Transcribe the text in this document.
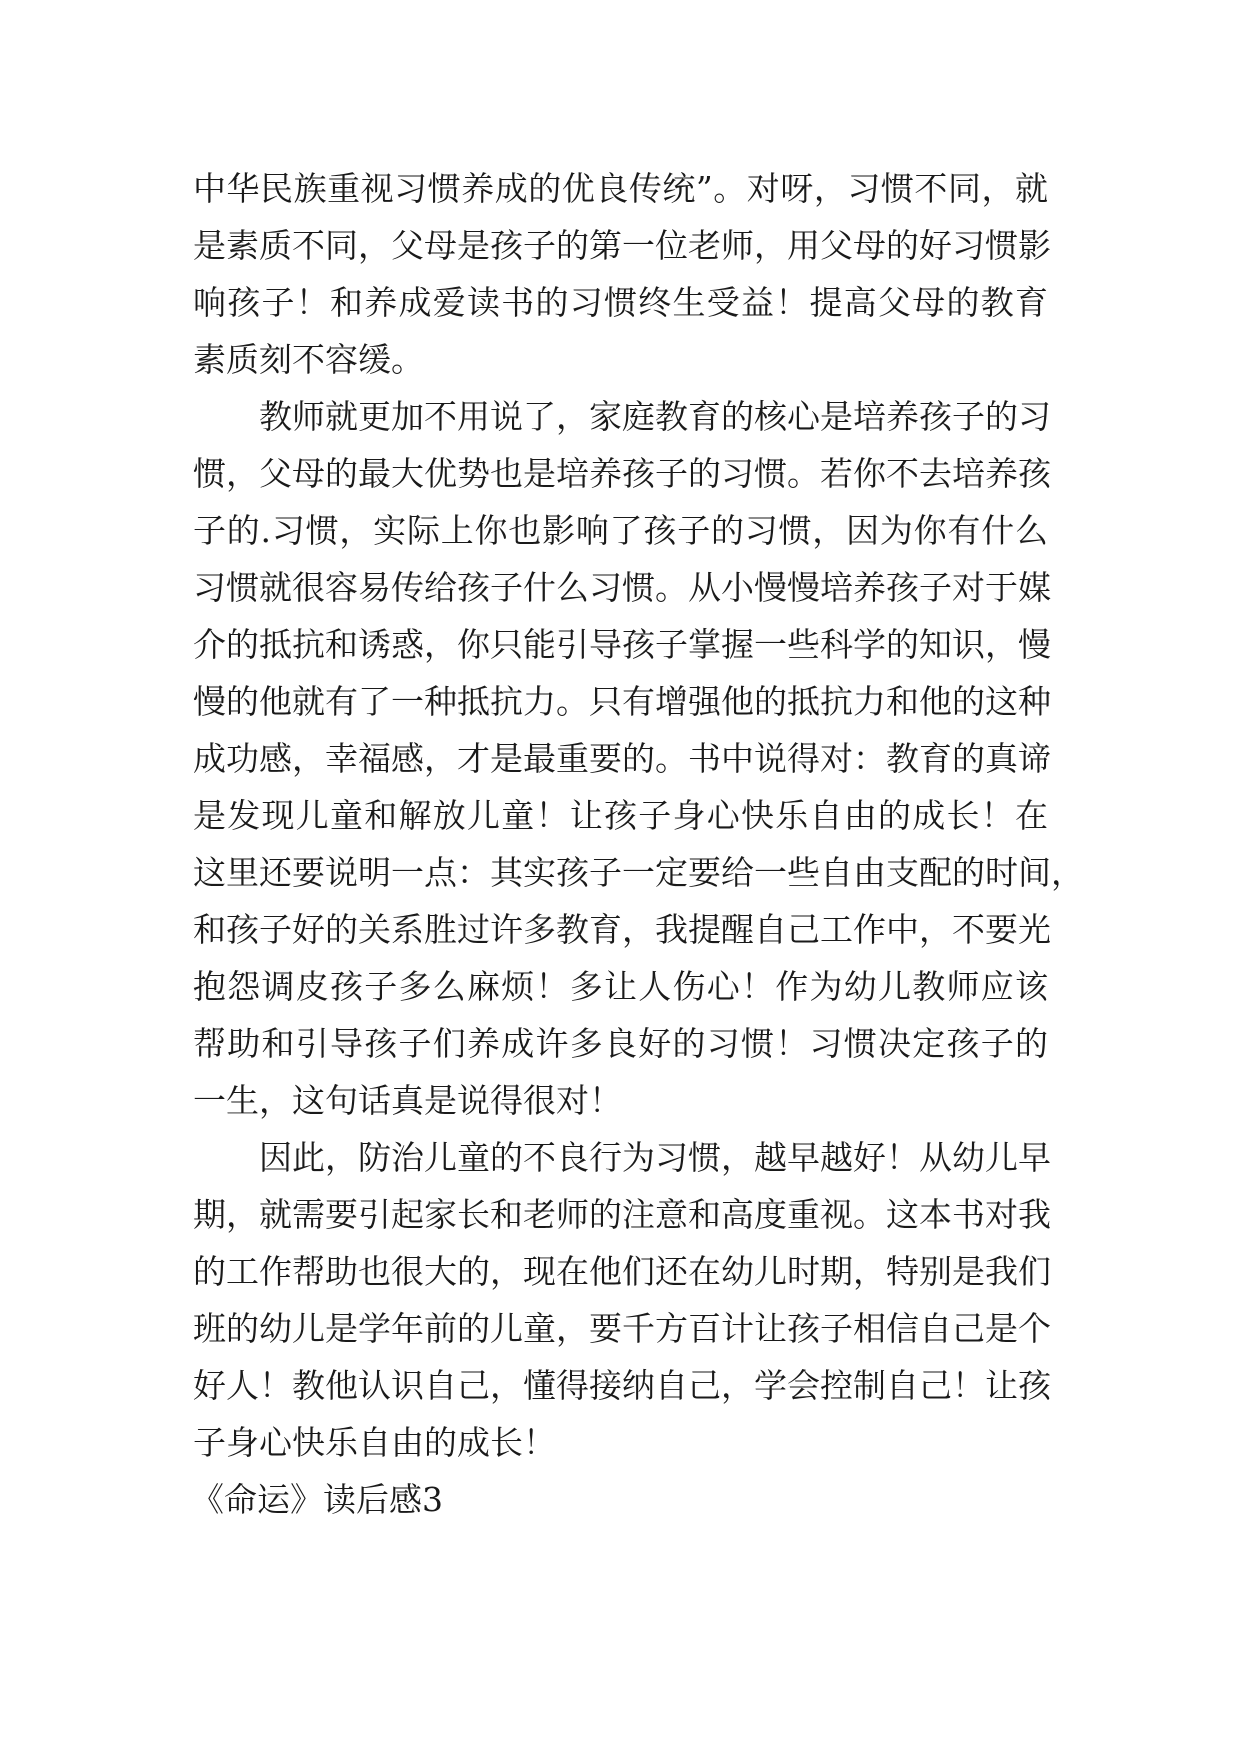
中华民族重视习惯养成的优良传统”。对呀，习惯不同，就
是素质不同，父母是孩子的第一位老师，用父母的好习惯影
响孩子！和养成爱读书的习惯终生受益！提高父母的教育
素质刻不容缓。
教师就更加不用说了，家庭教育的核心是培养孩子的习
惯，父母的最大优势也是培养孩子的习惯。若你不去培养孩
子的.习惯，实际上你也影响了孩子的习惯，因为你有什么
习惯就很容易传给孩子什么习惯。从小慢慢培养孩子对于媒
介的抵抗和诱惑，你只能引导孩子掌握一些科学的知识，慢
慢的他就有了一种抵抗力。只有增强他的抵抗力和他的这种
成功感，幸福感，才是最重要的。书中说得对：教育的真谛
是发现儿童和解放儿童！让孩子身心快乐自由的成长！在
这里还要说明一点：其实孩子一定要给一些自由支配的时间，
和孩子好的关系胜过许多教育，我提醒自己工作中，不要光
抱怨调皮孩子多么麻烦！多让人伤心！作为幼儿教师应该
帮助和引导孩子们养成许多良好的习惯！习惯决定孩子的
一生，这句话真是说得很对！
因此，防治儿童的不良行为习惯，越早越好！从幼儿早
期，就需要引起家长和老师的注意和高度重视。这本书对我
的工作帮助也很大的，现在他们还在幼儿时期，特别是我们
班的幼儿是学年前的儿童，要千方百计让孩子相信自己是个
好人！教他认识自己，懂得接纳自己，学会控制自己！让孩
子身心快乐自由的成长！
《命运》读后感3
